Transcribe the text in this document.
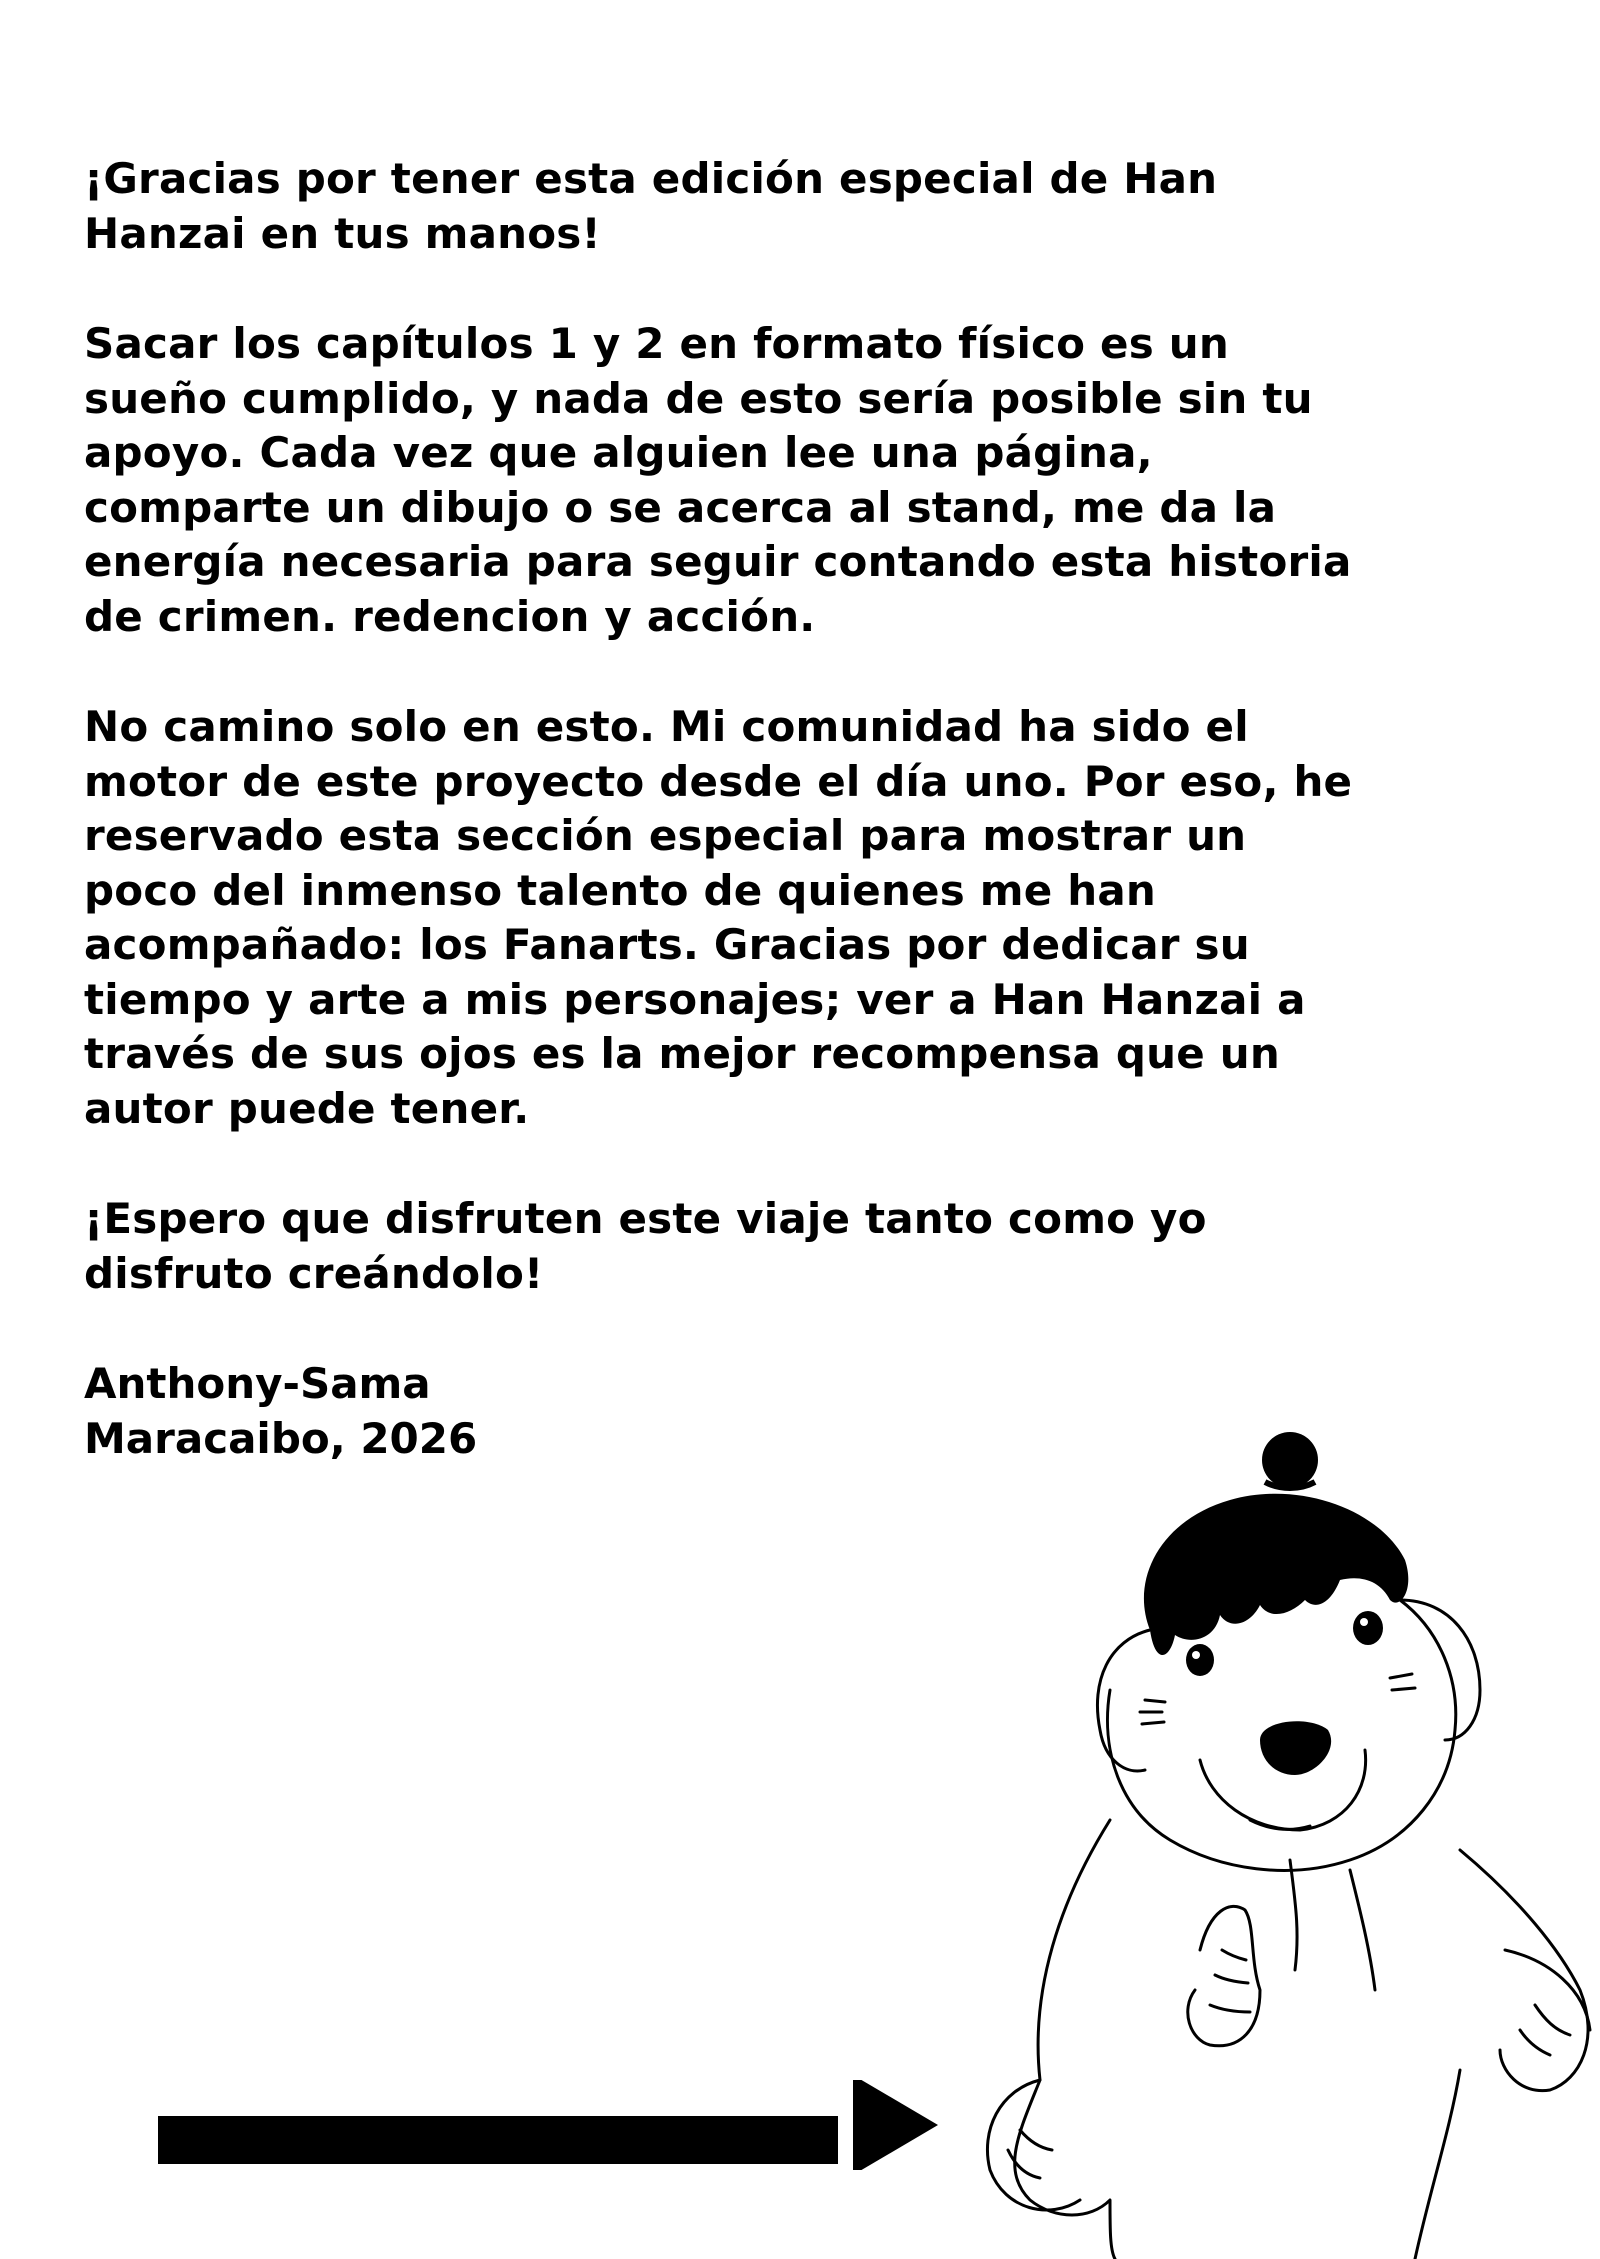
¡Gracias por tener esta edición especial de Han
Hanzai en tus manos!

Sacar los capítulos 1 y 2 en formato físico es un
sueño cumplido, y nada de esto sería posible sin tu
apoyo. Cada vez que alguien lee una página,
comparte un dibujo o se acerca al stand, me da la
energía necesaria para seguir contando esta historia
de crimen. redencion y acción.

No camino solo en esto. Mi comunidad ha sido el
motor de este proyecto desde el día uno. Por eso, he
reservado esta sección especial para mostrar un
poco del inmenso talento de quienes me han
acompañado: los Fanarts. Gracias por dedicar su
tiempo y arte a mis personajes; ver a Han Hanzai a
través de sus ojos es la mejor recompensa que un
autor puede tener.

¡Espero que disfruten este viaje tanto como yo
disfruto creándolo!

Anthony-Sama
Maracaibo, 2026
